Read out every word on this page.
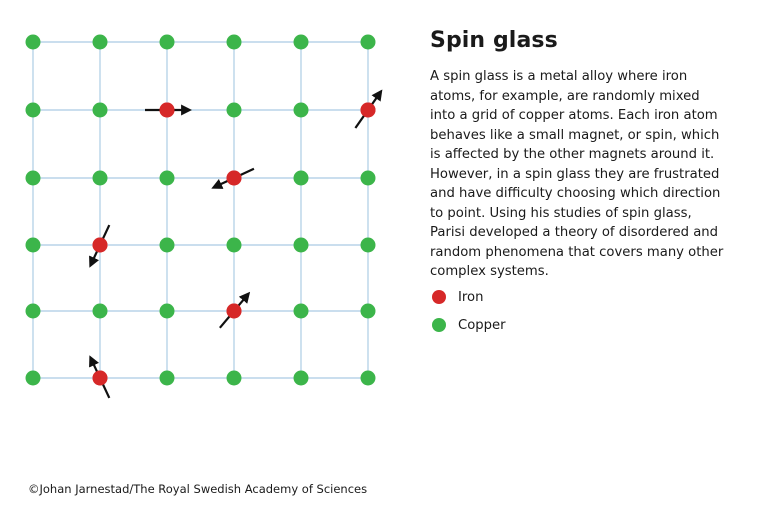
Spin glass

A spin glass is a metal alloy where iron atoms, for example, are randomly mixed into a grid of copper atoms. Each iron atom behaves like a small magnet, or spin, which is affected by the other magnets around it. However, in a spin glass they are frustrated and have difficulty choosing which direction to point. Using his studies of spin glass, Parisi developed a theory of disordered and random phenomena that covers many other complex systems.

Iron
Copper
©Johan Jarnestad/The Royal Swedish Academy of Sciences
